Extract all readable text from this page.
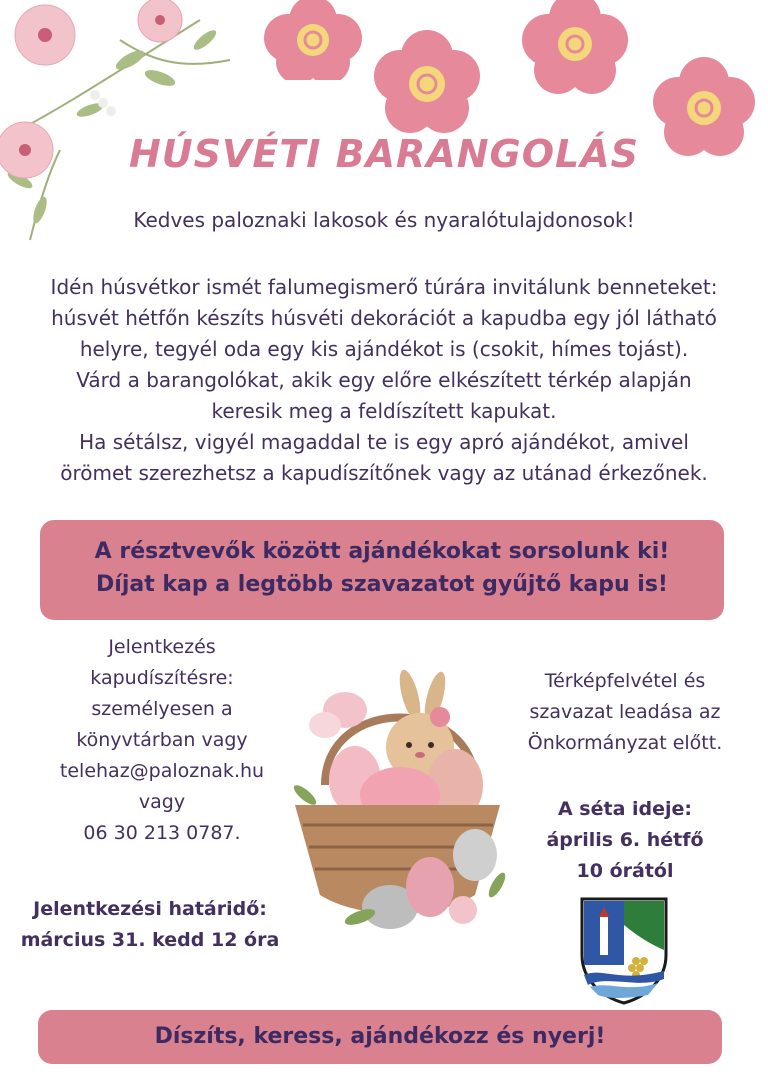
HÚSVÉTI BARANGOLÁS
Kedves paloznaki lakosok és nyaralótulajdonosok!
Idén húsvétkor ismét falumegismerő túrára invitálunk benneteket:
húsvét hétfőn készíts húsvéti dekorációt a kapudba egy jól látható
helyre, tegyél oda egy kis ajándékot is (csokit, hímes tojást).
Várd a barangolókat, akik egy előre elkészített térkép alapján
keresik meg a feldíszített kapukat.
Ha sétálsz, vigyél magaddal te is egy apró ajándékot, amivel
örömet szerezhetsz a kapudíszítőnek vagy az utánad érkezőnek.
A résztvevők között ajándékokat sorsolunk ki!
Díjat kap a legtöbb szavazatot gyűjtő kapu is!
Jelentkezés
kapudíszítésre:
személyesen a
könyvtárban vagy
telehaz@paloznak.hu
vagy
06 30 213 0787.
Jelentkezési határidő:
március 31. kedd 12 óra
Térképfelvétel és
szavazat leadása az
Önkormányzat előtt.
A séta ideje:
április 6. hétfő
10 órától
Díszíts, keress, ajándékozz és nyerj!
